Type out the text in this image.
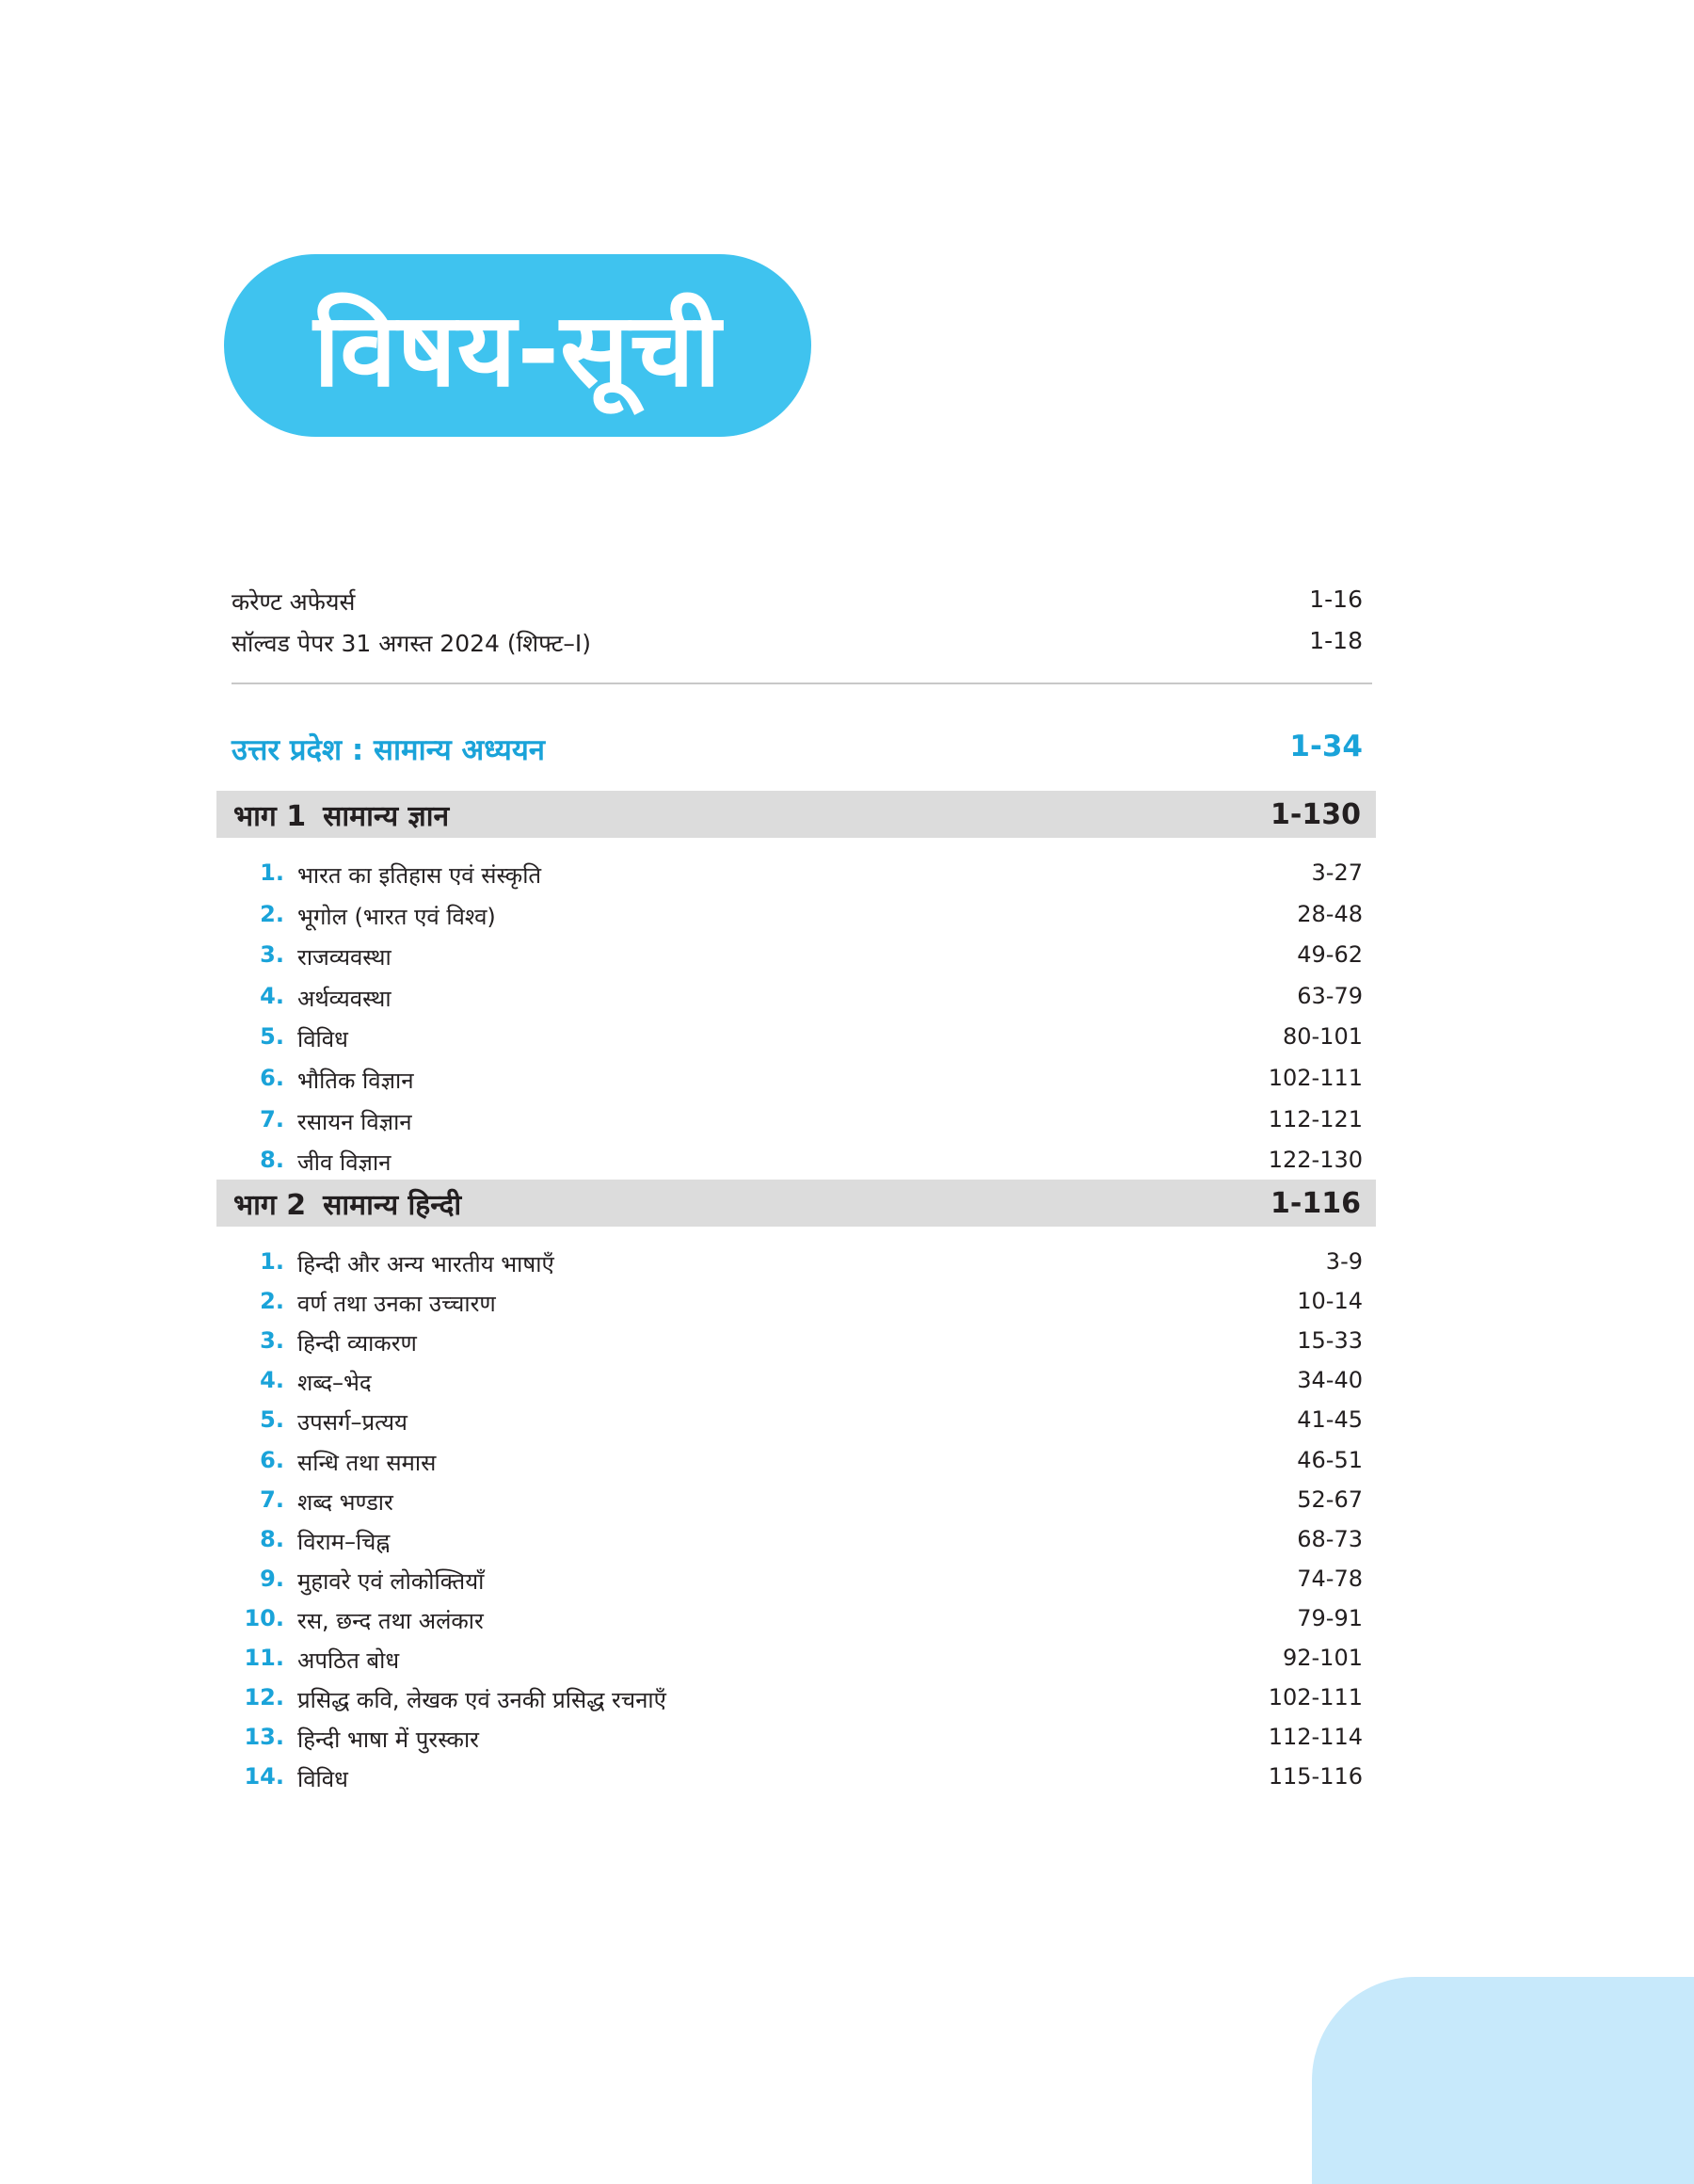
विषय-सूची
करेण्ट अफेयर्स	1-16
सॉल्वड पेपर 31 अगस्त 2024 (शिफ्ट–I)	1-18
उत्तर प्रदेश : सामान्य अध्ययन	1-34
भाग 1 सामान्य ज्ञान	1-130
1. भारत का इतिहास एवं संस्कृति	3-27
2. भूगोल (भारत एवं विश्व)	28-48
3. राजव्यवस्था	49-62
4. अर्थव्यवस्था	63-79
5. विविध	80-101
6. भौतिक विज्ञान	102-111
7. रसायन विज्ञान	112-121
8. जीव विज्ञान	122-130
भाग 2 सामान्य हिन्दी	1-116
1. हिन्दी और अन्य भारतीय भाषाएँ	3-9
2. वर्ण तथा उनका उच्चारण	10-14
3. हिन्दी व्याकरण	15-33
4. शब्द–भेद	34-40
5. उपसर्ग–प्रत्यय	41-45
6. सन्धि तथा समास	46-51
7. शब्द भण्डार	52-67
8. विराम–चिह्न	68-73
9. मुहावरे एवं लोकोक्तियाँ	74-78
10. रस, छन्द तथा अलंकार	79-91
11. अपठित बोध	92-101
12. प्रसिद्ध कवि, लेखक एवं उनकी प्रसिद्ध रचनाएँ	102-111
13. हिन्दी भाषा में पुरस्कार	112-114
14. विविध	115-116
